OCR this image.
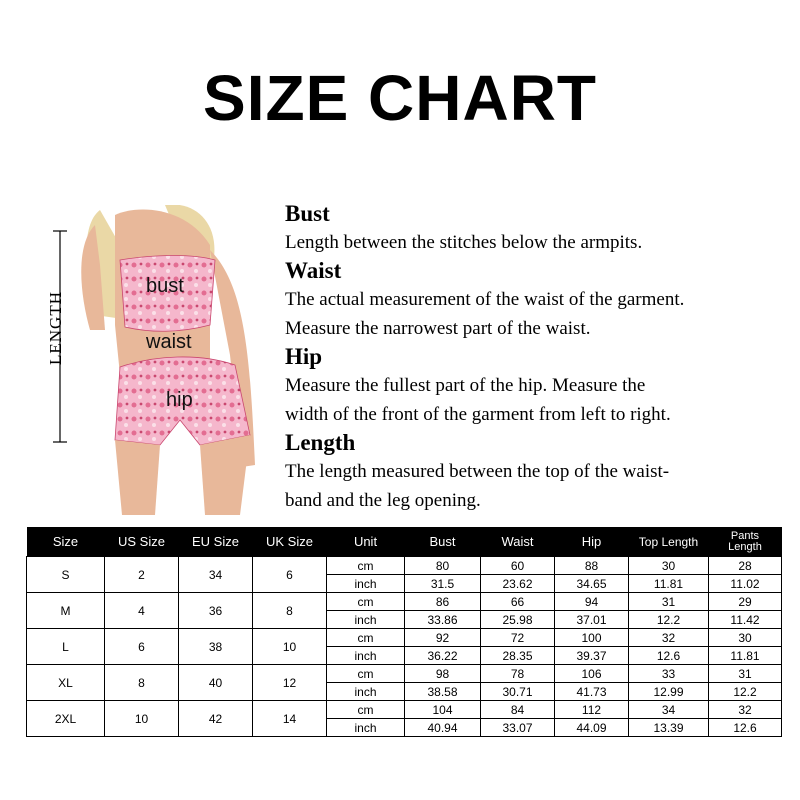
SIZE CHART
LENGTH
bust
waist
hip
Bust
Length between the stitches below the armpits.
Waist
The actual measurement of the waist of the garment.
Measure the narrowest part of the waist.
Hip
Measure the fullest part of the hip. Measure the
width of the front of the garment from left to right.
Length
The length measured between the top of the waist-
band and the leg opening.
Size	US Size	EU Size	UK Size	Unit	Bust	Waist	Hip	Top Length	Pants
Length

S	2	34	6	cm	80	60	88	30	28
				inch	31.5	23.62	34.65	11.81	11.02
M	4	36	8	cm	86	66	94	31	29
				inch	33.86	25.98	37.01	12.2	11.42
L	6	38	10	cm	92	72	100	32	30
				inch	36.22	28.35	39.37	12.6	11.81
XL	8	40	12	cm	98	78	106	33	31
				inch	38.58	30.71	41.73	12.99	12.2
2XL	10	42	14	cm	104	84	112	34	32
				inch	40.94	33.07	44.09	13.39	12.6
